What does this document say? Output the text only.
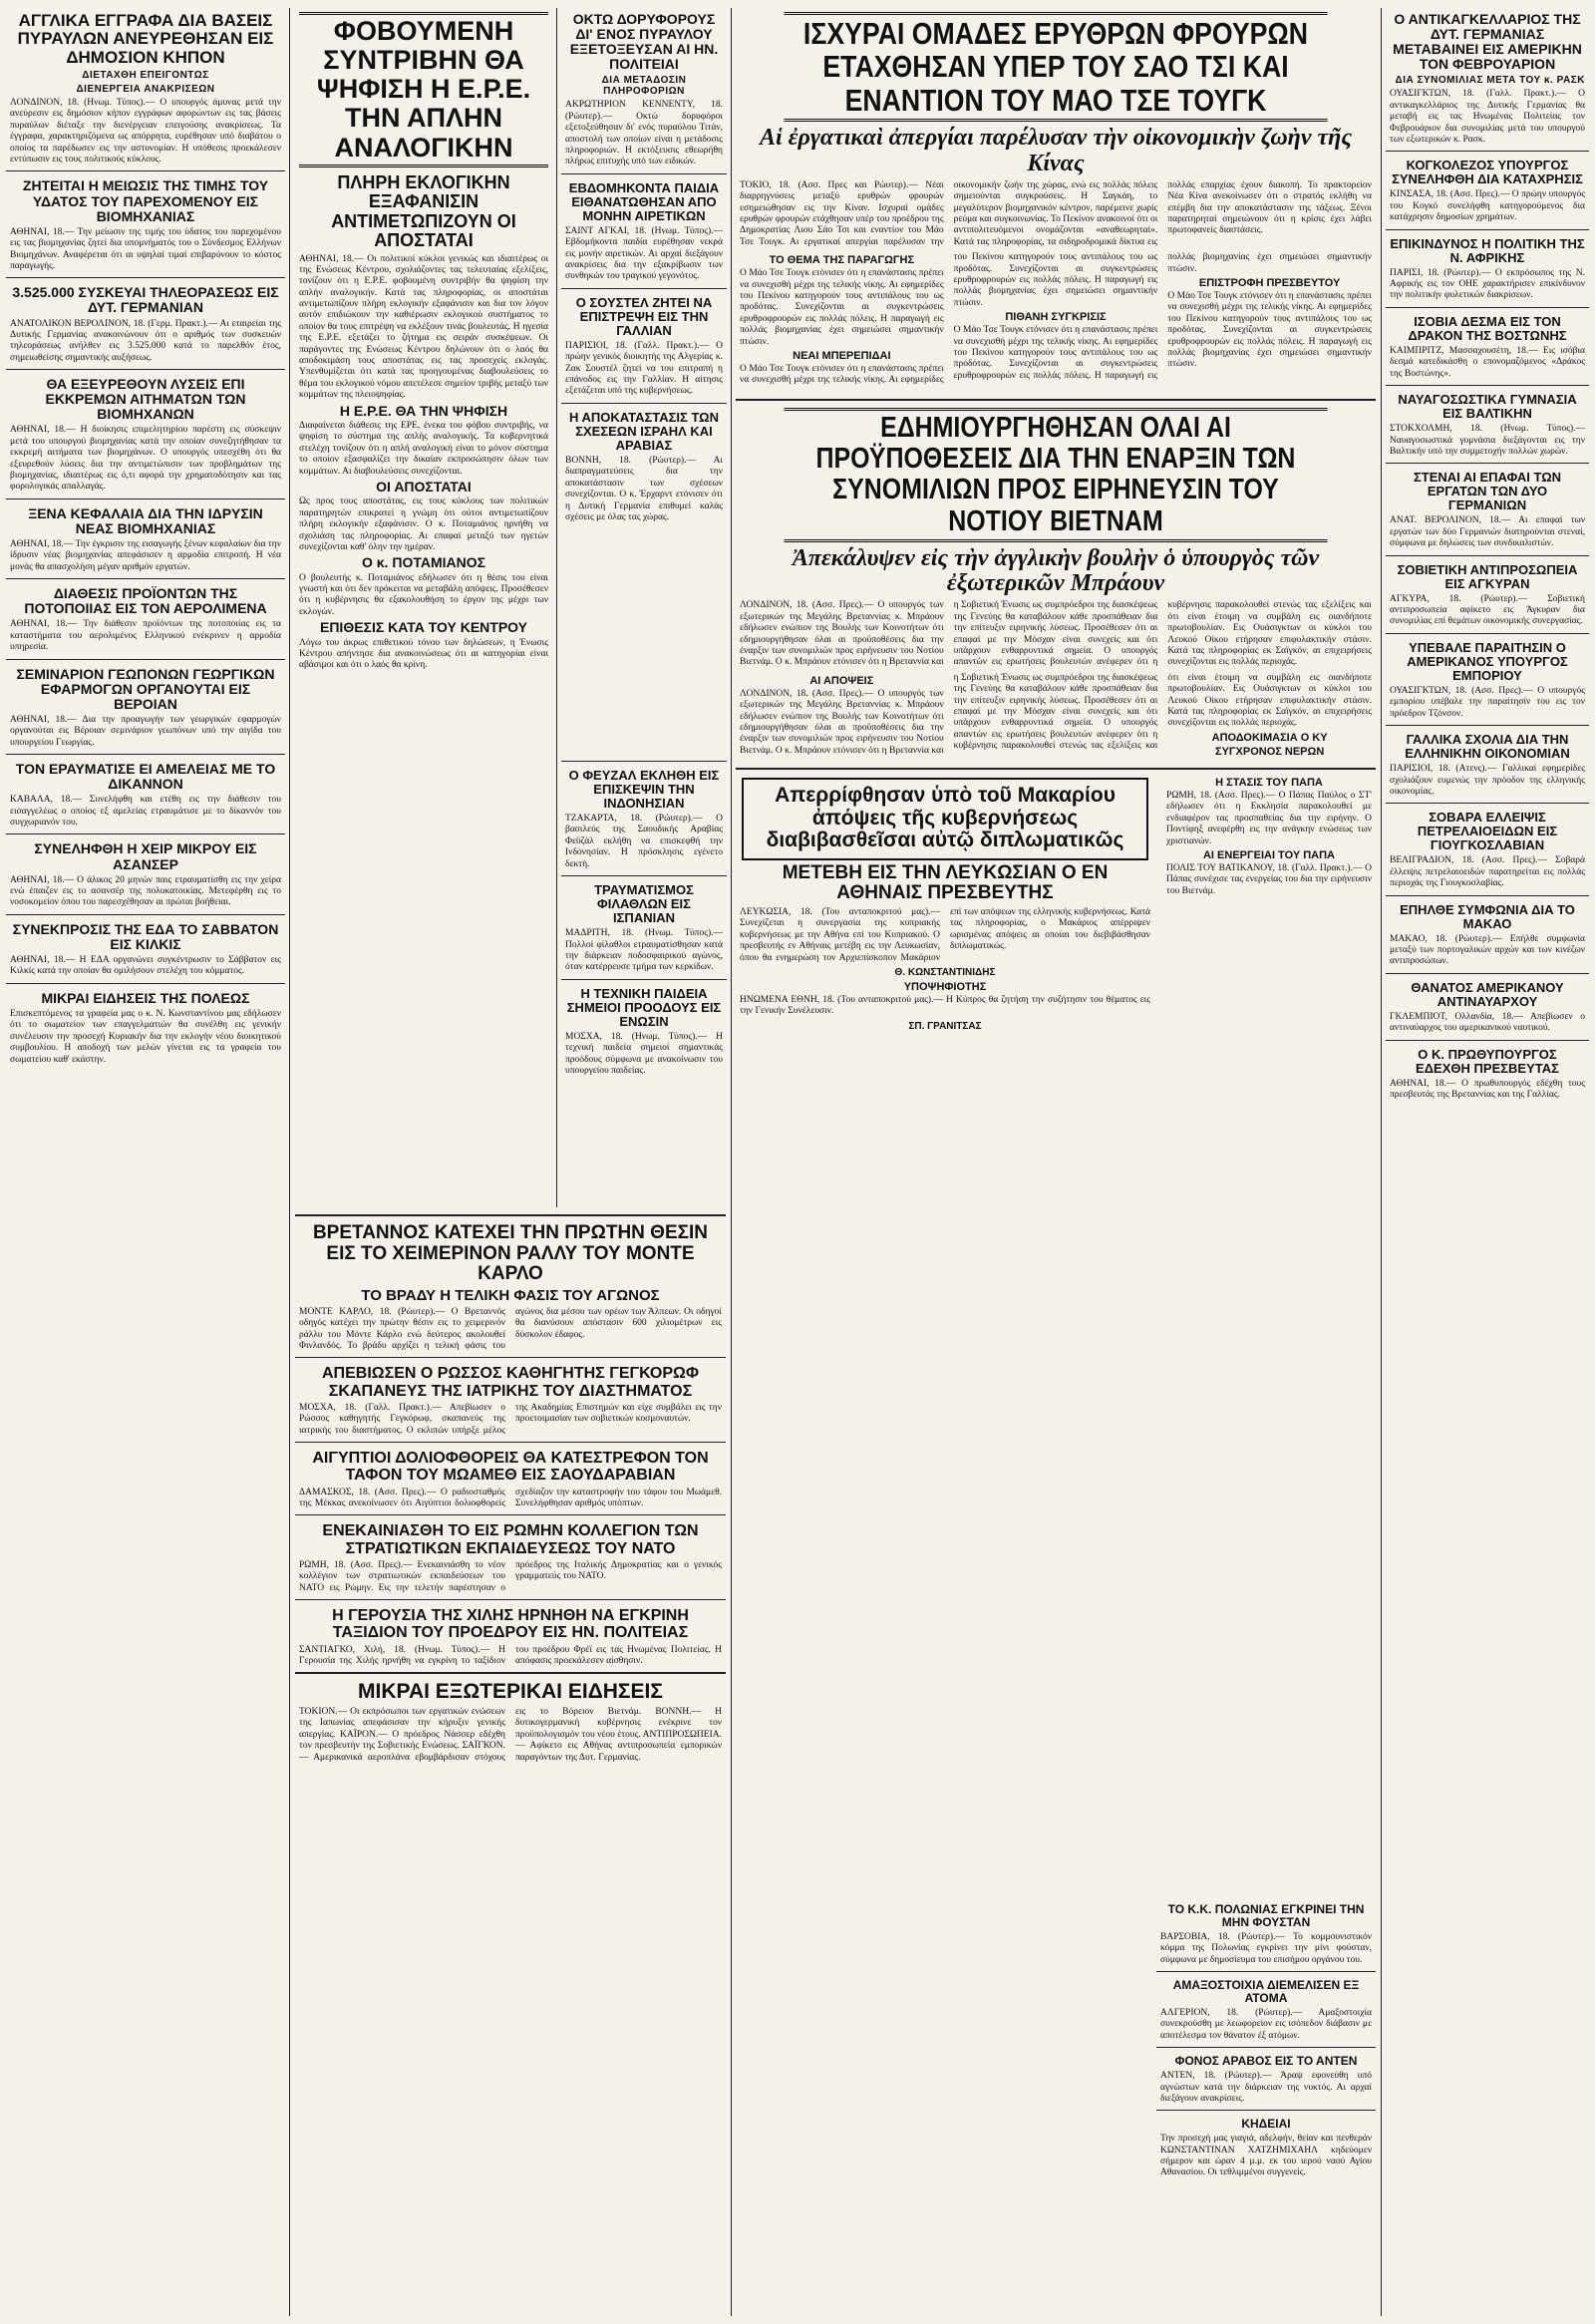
ΑΓΓΛΙΚΑ ΕΓΓΡΑΦΑ ΔΙΑ ΒΑΣΕΙΣ ΠΥΡΑΥΛΩΝ ΑΝΕΥΡΕΘΗΣΑΝ ΕΙΣ ΔΗΜΟΣΙΟΝ ΚΗΠΟΝ
ΔΙΕΤΑΧΘΗ ΕΠΕΙΓΟΝΤΩΣ
ΔΙΕΝΕΡΓΕΙΑ ΑΝΑΚΡΙΣΕΩΝ

ΛΟΝΔΙΝΟΝ, 18. (Ηνωμ. Τύπος).— Ο υπουργός άμυνας μετά την ανεύρεσιν εις δημόσιον κήπον εγγράφων αφορώντων εις τας βάσεις πυραύλων διέταξε την διενέργειαν επειγούσης ανακρίσεως. Τα έγγραφα, χαρακτηριζόμενα ως απόρρητα, ευρέθησαν υπό διαβάτου ο οποίος τα παρέδωσεν εις την αστυνομίαν. Η υπόθεσις προεκάλεσεν εντύπωσιν εις τους πολιτικούς κύκλους.

ΖΗΤΕΙΤΑΙ Η ΜΕΙΩΣΙΣ ΤΗΣ ΤΙΜΗΣ ΤΟΥ ΥΔΑΤΟΣ ΤΟΥ ΠΑΡΕΧΟΜΕΝΟΥ ΕΙΣ ΒΙΟΜΗΧΑΝΙΑΣ

ΑΘΗΝΑΙ, 18.— Την μείωσιν της τιμής του ύδατος του παρεχομένου εις τας βιομηχανίας ζητεί δια υπομνήματός του ο Σύνδεσμος Ελλήνων Βιομηχάνων. Αναφέρεται ότι αι υψηλαί τιμαί επιβαρύνουν το κόστος παραγωγής.

3.525.000 ΣΥΣΚΕΥΑΙ ΤΗΛΕΟΡΑΣΕΩΣ ΕΙΣ ΔΥΤ. ΓΕΡΜΑΝΙΑΝ

ΑΝΑΤΟΛΙΚΟΝ ΒΕΡΟΛΙΝΟΝ, 18. (Γερμ. Πρακτ.).— Αι εταιρείαι της Δυτικής Γερμανίας ανακοινώνουν ότι ο αριθμός των συσκευών τηλεοράσεως ανήλθεν εις 3.525.000 κατά το παρελθόν έτος, σημειωθείσης σημαντικής αυξήσεως.

ΘΑ ΕΞΕΥΡΕΘΟΥΝ ΛΥΣΕΙΣ ΕΠΙ ΕΚΚΡΕΜΩΝ ΑΙΤΗΜΑΤΩΝ ΤΩΝ ΒΙΟΜΗΧΑΝΩΝ

ΑΘΗΝΑΙ, 18.— Η διοίκησις επιμελητηρίου παρέστη εις σύσκεψιν μετά του υπουργού βιομηχανίας κατά την οποίαν συνεζητήθησαν τα εκκρεμή αιτήματα των βιομηχάνων. Ο υπουργός υπεσχέθη ότι θα εξευρεθούν λύσεις δια την αντιμετώπισιν των προβλημάτων της βιομηχανίας, ιδιαιτέρως εις ό,τι αφορά την χρηματοδότησιν και τας φορολογικάς απαλλαγάς.

ΞΕΝΑ ΚΕΦΑΛΑΙΑ ΔΙΑ ΤΗΝ ΙΔΡΥΣΙΝ ΝΕΑΣ ΒΙΟΜΗΧΑΝΙΑΣ

ΑΘΗΝΑΙ, 18.— Την έγκρισιν της εισαγωγής ξένων κεφαλαίων δια την ίδρυσιν νέας βιομηχανίας απεφάσισεν η αρμοδία επιτροπή. Η νέα μονάς θα απασχολήση μέγαν αριθμόν εργατών.

ΔΙΑΘΕΣΙΣ ΠΡΟΪΟΝΤΩΝ ΤΗΣ ΠΟΤΟΠΟΙΙΑΣ ΕΙΣ ΤΟΝ ΑΕΡΟΛΙΜΕΝΑ

ΑΘΗΝΑΙ, 18.— Την διάθεσιν προϊόντων της ποτοποιίας εις τα καταστήματα του αερολιμένος Ελληνικού ενέκρινεν η αρμοδία υπηρεσία.

ΣΕΜΙΝΑΡΙΟΝ ΓΕΩΠΟΝΩΝ ΓΕΩΡΓΙΚΩΝ ΕΦΑΡΜΟΓΩΝ ΟΡΓΑΝΟΥΤΑΙ ΕΙΣ ΒΕΡΟΙΑΝ

ΑΘΗΝΑΙ, 18.— Δια την προαγωγήν των γεωργικών εφαρμογών οργανούται εις Βέροιαν σεμινάριον γεωπόνων υπό την αιγίδα του υπουργείου Γεωργίας.

ΤΟΝ ΕΡΑΥΜΑΤΙΣΕ ΕΙ ΑΜΕΛΕΙΑΣ ΜΕ ΤΟ ΔΙΚΑΝΝΟΝ

ΚΑΒΑΛΑ, 18.— Συνελήφθη και ετέθη εις την διάθεσιν του εισαγγελέως ο οποίος εξ αμελείας ετραυμάτισε με το δίκαννόν του συγχωριανόν του.

ΣΥΝΕΛΗΦΘΗ Η ΧΕΙΡ ΜΙΚΡΟΥ ΕΙΣ ΑΣΑΝΣΕΡ

ΑΘΗΝΑΙ, 18.— Ο άλικος 20 μηνών παις ετραυματίσθη εις την χείρα ενώ έπαιζεν εις το ασανσέρ της πολυκατοικίας. Μετεφέρθη εις το νοσοκομείον όπου του παρεσχέθησαν αι πρώται βοήθειαι.

ΣΥΝΕΚΠΡΟΣΙΣ ΤΗΣ ΕΔΑ ΤΟ ΣΑΒΒΑΤΟΝ ΕΙΣ ΚΙΛΚΙΣ

ΑΘΗΝΑΙ, 18.— Η ΕΔΑ οργανώνει συγκέντρωσιν το Σάββατον εις Κιλκίς κατά την οποίαν θα ομιλήσουν στελέχη του κόμματος.

ΜΙΚΡΑΙ ΕΙΔΗΣΕΙΣ ΤΗΣ ΠΟΛΕΩΣ

Επισκεπτόμενος τα γραφεία μας ο κ. Ν. Κωνσταντίνου μας εδήλωσεν ότι το σωματείον των επαγγελματιών θα συνέλθη εις γενικήν συνέλευσιν την προσεχή Κυριακήν δια την εκλογήν νέου διοικητικού συμβουλίου. Η αποδοχή των μελών γίνεται εις τα γραφεία του σωματείου καθ' εκάστην.

ΦΟΒΟΥΜΕΝΗ ΣΥΝΤΡΙΒΗΝ ΘΑ ΨΗΦΙΣΗ Η Ε.Ρ.Ε. ΤΗΝ ΑΠΛΗΝ ΑΝΑΛΟΓΙΚΗΝ
ΠΛΗΡΗ ΕΚΛΟΓΙΚΗΝ ΕΞΑΦΑΝΙΣΙΝ ΑΝΤΙΜΕΤΩΠΙΖΟΥΝ ΟΙ ΑΠΟΣΤΑΤΑΙ

ΑΘΗΝΑΙ, 18.— Οι πολιτικοί κύκλοι γενικώς και ιδιαιτέρως οι της Ενώσεως Κέντρου, σχολιάζοντες τας τελευταίας εξελίξεις, τονίζουν ότι η Ε.Ρ.Ε. φοβουμένη συντριβήν θα ψηφίση την απλήν αναλογικήν. Κατά τας πληροφορίας, οι αποστάται αντιμετωπίζουν πλήρη εκλογικήν εξαφάνισιν και δια τον λόγον αυτόν επιδιώκουν την καθιέρωσιν εκλογικού συστήματος το οποίον θα τους επιτρέψη να εκλέξουν τινάς βουλευτάς. Η ηγεσία της Ε.Ρ.Ε. εξετάζει το ζήτημα εις σειράν συσκέψεων. Οι παράγοντες της Ενώσεως Κέντρου δηλώνουν ότι ο λαός θα αποδοκιμάση τους αποστάτας εις τας προσεχείς εκλογάς. Υπενθυμίζεται ότι κατά τας προηγουμένας διαβουλεύσεις το θέμα του εκλογικού νόμου απετέλεσε σημείον τριβής μεταξύ των κομμάτων της πλειοψηφίας.

Η Ε.Ρ.Ε. ΘΑ ΤΗΝ ΨΗΦΙΣΗ

Διαφαίνεται διάθεσις της ΕΡΕ, ένεκα του φόβου συντριβής, να ψηφίση το σύστημα της απλής αναλογικής. Τα κυβερνητικά στελέχη τονίζουν ότι η απλή αναλογική είναι το μόνον σύστημα το οποίον εξασφαλίζει την δικαίαν εκπροσώπησιν όλων των κομμάτων. Αι διαβουλεύσεις συνεχίζονται.

ΟΙ ΑΠΟΣΤΑΤΑΙ

Ως προς τους αποστάτας, εις τους κύκλους των πολιτικών παρατηρητών επικρατεί η γνώμη ότι ούτοι αντιμετωπίζουν πλήρη εκλογικήν εξαφάνισιν. Ο κ. Ποταμιάνος ηρνήθη να σχολιάση τας πληροφορίας. Αι επαφαί μεταξύ των ηγετών συνεχίζονται καθ' όλην την ημέραν.

Ο κ. ΠΟΤΑΜΙΑΝΟΣ

Ο βουλευτής κ. Ποταμιάνος εδήλωσεν ότι η θέσις του είναι γνωστή και ότι δεν πρόκειται να μεταβάλη απόψεις. Προσέθεσεν ότι η κυβέρνησις θα εξακολουθήση το έργον της μέχρι των εκλογών.

ΕΠΙΘΕΣΙΣ ΚΑΤΑ ΤΟΥ ΚΕΝΤΡΟΥ

Λόγω του άκρως επιθετικού τόνου των δηλώσεων, η Ένωσις Κέντρου απήντησε δια ανακοινώσεως ότι αι κατηγορίαι είναι αβάσιμοι και ότι ο λαός θα κρίνη.

ΒΡΕΤΑΝΝΟΣ ΚΑΤΕΧΕΙ ΤΗΝ ΠΡΩΤΗΝ ΘΕΣΙΝ ΕΙΣ ΤΟ ΧΕΙΜΕΡΙΝΟΝ ΡΑΛΛΥ ΤΟΥ ΜΟΝΤΕ ΚΑΡΛΟ
ΤΟ ΒΡΑΔΥ Η ΤΕΛΙΚΗ ΦΑΣΙΣ ΤΟΥ ΑΓΩΝΟΣ

ΜΟΝΤΕ ΚΑΡΛΟ, 18. (Ρώυτερ).— Ο Βρεταννός οδηγός κατέχει την πρώτην θέσιν εις το χειμερινόν ράλλυ του Μόντε Κάρλο ενώ δεύτερος ακολουθεί Φινλανδός. Το βράδυ αρχίζει η τελική φάσις του αγώνος δια μέσου των ορέων των Άλπεων. Οι οδηγοί θα διανύσουν απόστασιν 600 χιλιομέτρων εις δύσκολον έδαφος.

ΑΠΕΒΙΩΣΕΝ Ο ΡΩΣΣΟΣ ΚΑΘΗΓΗΤΗΣ ΓΕΓΚΟΡΩΦ ΣΚΑΠΑΝΕΥΣ ΤΗΣ ΙΑΤΡΙΚΗΣ ΤΟΥ ΔΙΑΣΤΗΜΑΤΟΣ

ΜΟΣΧΑ, 18. (Γαλλ. Πρακτ.).— Απεβίωσεν ο Ρώσσος καθηγητής Γεγκόρωφ, σκαπανεύς της ιατρικής του διαστήματος. Ο εκλιπών υπήρξε μέλος της Ακαδημίας Επιστημών και είχε συμβάλει εις την προετοιμασίαν των σοβιετικών κοσμοναυτών.

ΑΙΓΥΠΤΙΟΙ ΔΟΛΙΟΦΘΟΡΕΙΣ ΘΑ ΚΑΤΕΣΤΡΕΦΟΝ ΤΟΝ ΤΑΦΟΝ ΤΟΥ ΜΩΑΜΕΘ ΕΙΣ ΣΑΟΥΔΑΡΑΒΙΑΝ

ΔΑΜΑΣΚΟΣ, 18. (Ασσ. Πρες).— Ο ραδιοσταθμός της Μέκκας ανεκοίνωσεν ότι Αιγύπτιοι δολιοφθορείς σχεδίαζον την καταστροφήν του τάφου του Μωάμεθ. Συνελήφθησαν αριθμός υπόπτων.

ΕΝΕΚΑΙΝΙΑΣΘΗ ΤΟ ΕΙΣ ΡΩΜΗΝ ΚΟΛΛΕΓΙΟΝ ΤΩΝ ΣΤΡΑΤΙΩΤΙΚΩΝ ΕΚΠΑΙΔΕΥΣΕΩΣ ΤΟΥ ΝΑΤΟ

ΡΩΜΗ, 18. (Ασσ. Πρες).— Ενεκαινιάσθη το νέον κολλέγιον των στρατιωτικών εκπαιδεύσεων του ΝΑΤΟ εις Ρώμην. Εις την τελετήν παρέστησαν ο πρόεδρος της Ιταλικής Δημοκρατίας και ο γενικός γραμματεύς του ΝΑΤΟ.

Η ΓΕΡΟΥΣΙΑ ΤΗΣ ΧΙΛΗΣ ΗΡΝΗΘΗ ΝΑ ΕΓΚΡΙΝΗ ΤΑΞΙΔΙΟΝ ΤΟΥ ΠΡΟΕΔΡΟΥ ΕΙΣ ΗΝ. ΠΟΛΙΤΕΙΑΣ

ΣΑΝΤΙΑΓΚΟ, Χιλή, 18. (Ηνωμ. Τύπος).— Η Γερουσία της Χιλής ηρνήθη να εγκρίνη το ταξίδιον του προέδρου Φρέϊ εις τας Ηνωμένας Πολιτείας. Η απόφασις προεκάλεσεν αίσθησιν.

ΜΙΚΡΑΙ ΕΞΩΤΕΡΙΚΑΙ ΕΙΔΗΣΕΙΣ

ΤΟΚΙΟΝ.— Οι εκπρόσωποι των εργατικών ενώσεων της Ιαπωνίας απεφάσισαν την κήρυξιν γενικής απεργίας. ΚΑΪΡΟΝ.— Ο πρόεδρος Νάσσερ εδέχθη τον πρεσβευτήν της Σοβιετικής Ενώσεως. ΣΑΪΓΚΟΝ.— Αμερικανικά αεροπλάνα εβομβάρδισαν στόχους εις το Βόρειον Βιετνάμ. ΒΟΝΝΗ.— Η δυτικογερμανική κυβέρνησις ενέκρινε τον προϋπολογισμόν του νέου έτους. ΑΝΤΙΠΡΟΣΩΠΕΙΑ.— Αφίκετο εις Αθήνας αντιπροσωπεία εμπορικών παραγόντων της Δυτ. Γερμανίας.

ΟΚΤΩ ΔΟΡΥΦΟΡΟΥΣ ΔΙ' ΕΝΟΣ ΠΥΡΑΥΛΟΥ ΕΞΕΤΟΞΕΥΣΑΝ ΑΙ ΗΝ. ΠΟΛΙΤΕΙΑΙ
ΔΙΑ ΜΕΤΑΔΟΣΙΝ ΠΛΗΡΟΦΟΡΙΩΝ

ΑΚΡΩΤΗΡΙΟΝ ΚΕΝΝΕΝΤΥ, 18. (Ρώυτερ).— Οκτώ δορυφόροι εξετοξεύθησαν δι' ενός πυραύλου Τιτάν, αποστολή των οποίων είναι η μετάδοσις πληροφοριών. Η εκτόξευσις εθεωρήθη πλήρως επιτυχής υπό των ειδικών.

ΕΒΔΟΜΗΚΟΝΤΑ ΠΑΙΔΙΑ ΕΙΘΑΝΑΤΩΘΗΣΑΝ ΑΠΟ ΜΟΝΗΝ ΑΙΡΕΤΙΚΩΝ

ΣΑΙΝΤ ΑΓΚΑΙ, 18. (Ηνωμ. Τύπος).— Εβδομήκοντα παιδία ευρέθησαν νεκρά εις μονήν αιρετικών. Αι αρχαί διεξάγουν ανακρίσεις δια την εξακρίβωσιν των συνθηκών του τραγικού γεγονότος.

Ο ΣΟΥΣΤΕΛ ΖΗΤΕΙ ΝΑ ΕΠΙΣΤΡΕΨΗ ΕΙΣ ΤΗΝ ΓΑΛΛΙΑΝ

ΠΑΡΙΣΙΟΙ, 18. (Γαλλ. Πρακτ.).— Ο πρώην γενικός διοικητής της Αλγερίας κ. Ζακ Σουστέλ ζητεί να του επιτραπή η επάνοδος εις την Γαλλίαν. Η αίτησις εξετάζεται υπό της κυβερνήσεως.

Η ΑΠΟΚΑΤΑΣΤΑΣΙΣ ΤΩΝ ΣΧΕΣΕΩΝ ΙΣΡΑΗΛ ΚΑΙ ΑΡΑΒΙΑΣ

ΒΟΝΝΗ, 18. (Ρώυτερ).— Αι διαπραγματεύσεις δια την αποκατάστασιν των σχέσεων συνεχίζονται. Ο κ. Έρχαρντ ετόνισεν ότι η Δυτική Γερμανία επιθυμεί καλάς σχέσεις με όλας τας χώρας.

ΙΣΧΥΡΑΙ ΟΜΑΔΕΣ ΕΡΥΘΡΩΝ ΦΡΟΥΡΩΝ ΕΤΑΧΘΗΣΑΝ ΥΠΕΡ ΤΟΥ ΣΑΟ ΤΣΙ ΚΑΙ ΕΝΑΝΤΙΟΝ ΤΟΥ ΜΑΟ ΤΣΕ ΤΟΥΓΚ
Αἱ ἐργατικαὶ ἀπεργίαι παρέλυσαν τὴν οἰκονομικὴν ζωὴν τῆς Κίνας

ΤΟΚΙΟ, 18. (Ασσ. Πρες και Ρώυτερ).— Νέαι διαρρηγνύσεις μεταξύ ερυθρών φρουρών εσημειώθησαν εις την Κίναν. Ισχυραί ομάδες ερυθρών φρουρών ετάχθησαν υπέρ του προέδρου της Δημοκρατίας Λιου Σάο Τσι και εναντίον του Μάο Τσε Τουγκ. Αι εργατικαί απεργίαι παρέλυσαν την οικονομικήν ζωήν της χώρας, ενώ εις πολλάς πόλεις σημειούνται συγκρούσεις. Η Σαγκάη, το μεγαλύτερον βιομηχανικόν κέντρον, παρέμεινε χωρίς ρεύμα και συγκοινωνίας. Το Πεκίνον ανακοινοί ότι οι αντιπολιτευόμενοι ονομάζονται «αναθεωρηταί». Κατά τας πληροφορίας, τα σιδηροδρομικά δίκτυα εις πολλάς επαρχίας έχουν διακοπή. Το πρακτορείον Νέα Κίνα ανεκοίνωσεν ότι ο στρατός εκλήθη να επέμβη δια την αποκατάστασιν της τάξεως. Ξένοι παρατηρηταί σημειώνουν ότι η κρίσις έχει λάβει πρωτοφανείς διαστάσεις.

ΤΟ ΘΕΜΑ ΤΗΣ ΠΑΡΑΓΩΓΗΣ

Ο Μάο Τσε Τουγκ ετόνισεν ότι η επανάστασις πρέπει να συνεχισθή μέχρι της τελικής νίκης. Αι εφημερίδες του Πεκίνου κατηγορούν τους αντιπάλους του ως προδότας. Συνεχίζονται αι συγκεντρώσεις ερυθροφρουρών εις πολλάς πόλεις. Η παραγωγή εις πολλάς βιομηχανίας έχει σημειώσει σημαντικήν πτώσιν.

ΝΕΑΙ ΜΠΕΡΕΠΙΔΑΙ

Ο Μάο Τσε Τουγκ ετόνισεν ότι η επανάστασις πρέπει να συνεχισθή μέχρι της τελικής νίκης. Αι εφημερίδες του Πεκίνου κατηγορούν τους αντιπάλους του ως προδότας. Συνεχίζονται αι συγκεντρώσεις ερυθροφρουρών εις πολλάς πόλεις. Η παραγωγή εις πολλάς βιομηχανίας έχει σημειώσει σημαντικήν πτώσιν.

ΠΙΘΑΝΗ ΣΥΓΚΡΙΣΙΣ

Ο Μάο Τσε Τουγκ ετόνισεν ότι η επανάστασις πρέπει να συνεχισθή μέχρι της τελικής νίκης. Αι εφημερίδες του Πεκίνου κατηγορούν τους αντιπάλους του ως προδότας. Συνεχίζονται αι συγκεντρώσεις ερυθροφρουρών εις πολλάς πόλεις. Η παραγωγή εις πολλάς βιομηχανίας έχει σημειώσει σημαντικήν πτώσιν.

ΕΠΙΣΤΡΟΦΗ ΠΡΕΣΒΕΥΤΟΥ

Ο Μάο Τσε Τουγκ ετόνισεν ότι η επανάστασις πρέπει να συνεχισθή μέχρι της τελικής νίκης. Αι εφημερίδες του Πεκίνου κατηγορούν τους αντιπάλους του ως προδότας. Συνεχίζονται αι συγκεντρώσεις ερυθροφρουρών εις πολλάς πόλεις. Η παραγωγή εις πολλάς βιομηχανίας έχει σημειώσει σημαντικήν πτώσιν.

ΕΔΗΜΙΟΥΡΓΗΘΗΣΑΝ ΟΛΑΙ ΑΙ ΠΡΟΫΠΟΘΕΣΕΙΣ ΔΙΑ ΤΗΝ ΕΝΑΡΞΙΝ ΤΩΝ ΣΥΝΟΜΙΛΙΩΝ ΠΡΟΣ ΕΙΡΗΝΕΥΣΙΝ ΤΟΥ ΝΟΤΙΟΥ ΒΙΕΤΝΑΜ
Ἀπεκάλυψεν εἰς τὴν ἀγγλικὴν βουλὴν ὁ ὑπουργὸς τῶν ἐξωτερικῶν Μπράουν

ΛΟΝΔΙΝΟΝ, 18. (Ασσ. Πρες).— Ο υπουργός των εξωτερικών της Μεγάλης Βρεταννίας κ. Μπράουν εδήλωσεν ενώπιον της Βουλής των Κοινοτήτων ότι εδημιουργήθησαν όλαι αι προϋποθέσεις δια την έναρξιν των συνομιλιών προς ειρήνευσιν του Νοτίου Βιετνάμ. Ο κ. Μπράουν ετόνισεν ότι η Βρεταννία και η Σοβιετική Ένωσις ως συμπρόεδροι της διασκέψεως της Γενεύης θα καταβάλουν κάθε προσπάθειαν δια την επίτευξιν ειρηνικής λύσεως. Προσέθεσεν ότι αι επαφαί με την Μόσχαν είναι συνεχείς και ότι υπάρχουν ενθαρρυντικά σημεία. Ο υπουργός απαντών εις ερωτήσεις βουλευτών ανέφερεν ότι η κυβέρνησις παρακολουθεί στενώς τας εξελίξεις και ότι είναι έτοιμη να συμβάλη εις οιανδήποτε πρωτοβουλίαν. Εις Ουάσιγκτων οι κύκλοι του Λευκού Οίκου ετήρησαν επιφυλακτικήν στάσιν. Κατά τας πληροφορίας εκ Σαϊγκόν, αι επιχειρήσεις συνεχίζονται εις πολλάς περιοχάς.

ΑΙ ΑΠΟΨΕΙΣ

ΛΟΝΔΙΝΟΝ, 18. (Ασσ. Πρες).— Ο υπουργός των εξωτερικών της Μεγάλης Βρεταννίας κ. Μπράουν εδήλωσεν ενώπιον της Βουλής των Κοινοτήτων ότι εδημιουργήθησαν όλαι αι προϋποθέσεις δια την έναρξιν των συνομιλιών προς ειρήνευσιν του Νοτίου Βιετνάμ. Ο κ. Μπράουν ετόνισεν ότι η Βρεταννία και η Σοβιετική Ένωσις ως συμπρόεδροι της διασκέψεως της Γενεύης θα καταβάλουν κάθε προσπάθειαν δια την επίτευξιν ειρηνικής λύσεως. Προσέθεσεν ότι αι επαφαί με την Μόσχαν είναι συνεχείς και ότι υπάρχουν ενθαρρυντικά σημεία. Ο υπουργός απαντών εις ερωτήσεις βουλευτών ανέφερεν ότι η κυβέρνησις παρακολουθεί στενώς τας εξελίξεις και ότι είναι έτοιμη να συμβάλη εις οιανδήποτε πρωτοβουλίαν. Εις Ουάσιγκτων οι κύκλοι του Λευκού Οίκου ετήρησαν επιφυλακτικήν στάσιν. Κατά τας πληροφορίας εκ Σαϊγκόν, αι επιχειρήσεις συνεχίζονται εις πολλάς περιοχάς.

ΑΠΟΔΟΚΙΜΑΣΙΑ Ο ΚΥ
ΣΥΓΧΡΟΝΟΣ ΝΕΡΩΝ
Απερρίφθησαν ὑπὸ τοῦ Μακαρίου ἀπόψεις τῆς κυβερνήσεως διαβιβασθεῖσαι αὐτῷ διπλωματικῶς
ΜΕΤΕΒΗ ΕΙΣ ΤΗΝ ΛΕΥΚΩΣΙΑΝ Ο ΕΝ ΑΘΗΝΑΙΣ ΠΡΕΣΒΕΥΤΗΣ

ΛΕΥΚΩΣΙΑ, 18. (Του ανταποκριτού μας).— Συνεχίζεται η συνεργασία της κυπριακής κυβερνήσεως με την Αθήνα επί του Κυπριακού. Ο πρεσβευτής εν Αθήναις μετέβη εις την Λευκωσίαν, όπου θα ενημερώση τον Αρχιεπίσκοπον Μακάριον επί των απόψεων της ελληνικής κυβερνήσεως. Κατά τας πληροφορίας, ο Μακάριος απέρριψεν ωρισμένας απόψεις αι οποίαι του διεβιβάσθησαν διπλωματικώς.

Θ. ΚΩΝΣΤΑΝΤΙΝΙΔΗΣ
ΥΠΟΨΗΦΙΟΤΗΣ

ΗΝΩΜΕΝΑ ΕΘΝΗ, 18. (Του ανταποκριτού μας).— Η Κύπρος θα ζητήση την συζήτησιν του θέματος εις την Γενικήν Συνέλευσιν.

ΣΠ. ΓΡΑΝΙΤΣΑΣ
Η ΣΤΑΣΙΣ ΤΟΥ ΠΑΠΑ

ΡΩΜΗ, 18. (Ασσ. Πρες).— Ο Πάπας Παύλος ο ΣΤ' εδήλωσεν ότι η Εκκλησία παρακολουθεί με ενδιαφέρον τας προσπαθείας δια την ειρήνην. Ο Ποντίφηξ ανεφέρθη εις την ανάγκην ενώσεως των χριστιανών.

ΑΙ ΕΝΕΡΓΕΙΑΙ ΤΟΥ ΠΑΠΑ

ΠΟΛΙΣ ΤΟΥ ΒΑΤΙΚΑΝΟΥ, 18. (Γαλλ. Πρακτ.).— Ο Πάπας συνέχισε τας ενεργείας του δια την ειρήνευσιν του Βιετνάμ.

Ο ΦΕΥΖΑΛ ΕΚΛΗΘΗ ΕΙΣ ΕΠΙΣΚΕΨΙΝ ΤΗΝ ΙΝΔΟΝΗΣΙΑΝ

ΤΖΑΚΑΡΤΑ, 18. (Ρώυτερ).— Ο βασιλεύς της Σαουδικής Αραβίας Φεϋζάλ εκλήθη να επισκεφθή την Ινδονησίαν. Η πρόσκλησις εγένετο δεκτή.

ΤΡΑΥΜΑΤΙΣΜΟΣ ΦΙΛΑΘΛΩΝ ΕΙΣ ΙΣΠΑΝΙΑΝ

ΜΑΔΡΙΤΗ, 18. (Ηνωμ. Τύπος).— Πολλοί φίλαθλοι ετραυματίσθησαν κατά την διάρκειαν ποδοσφαιρικού αγώνος, όταν κατέρρευσε τμήμα των κερκίδων.

Η ΤΕΧΝΙΚΗ ΠΑΙΔΕΙΑ ΣΗΜΕΙΟΙ ΠΡΟΟΔΟΥΣ ΕΙΣ ΕΝΩΣΙΝ

ΜΟΣΧΑ, 18. (Ηνωμ. Τύπος).— Η τεχνική παιδεία σημειοί σημαντικάς προόδους σύμφωνα με ανακοίνωσιν του υπουργείου παιδείας.

ΤΟ Κ.Κ. ΠΟΛΩΝΙΑΣ ΕΓΚΡΙΝΕΙ ΤΗΝ ΜΗΝ ΦΟΥΣΤΑΝ

ΒΑΡΣΟΒΙΑ, 18. (Ρώυτερ).— Το κομμουνιστικόν κόμμα της Πολωνίας εγκρίνει την μίνι φούσταν, σύμφωνα με δημοσίευμα του επισήμου οργάνου του.

ΑΜΑΞΟΣΤΟΙΧΙΑ ΔΙΕΜΕΛΙΣΕΝ ΕΞ ΑΤΟΜΑ

ΑΛΓΕΡΙΟΝ, 18. (Ρώυτερ).— Αμαξοστοιχία συνεκρούσθη με λεωφορείον εις ισόπεδον διάβασιν με αποτέλεσμα τον θάνατον έξ ατόμων.

ΦΟΝΟΣ ΑΡΑΒΟΣ ΕΙΣ ΤΟ ΑΝΤΕΝ

ΑΝΤΕΝ, 18. (Ρώυτερ).— Άραψ εφονεύθη υπό αγνώστων κατά την διάρκειαν της νυκτός. Αι αρχαί διεξάγουν ανακρίσεις.

ΚΗΔΕΙΑΙ

Την προσεχή μας γιαγιά, αδελφήν, θείαν και πενθεράν ΚΩΝΣΤΑΝΤΙΝΑΝ ΧΑΤΖΗΜΙΧΑΗΛ κηδεύομεν σήμερον και ώραν 4 μ.μ. εκ του ιερού ναού Αγίου Αθανασίου. Οι τεθλιμμένοι συγγενείς.

Ο ΑΝΤΙΚΑΓΚΕΛΛΑΡΙΟΣ ΤΗΣ ΔΥΤ. ΓΕΡΜΑΝΙΑΣ ΜΕΤΑΒΑΙΝΕΙ ΕΙΣ ΑΜΕΡΙΚΗΝ ΤΟΝ ΦΕΒΡΟΥΑΡΙΟΝ
ΔΙΑ ΣΥΝΟΜΙΛΙΑΣ ΜΕΤΑ ΤΟΥ κ. ΡΑΣΚ

ΟΥΑΣΙΓΚΤΩΝ, 18. (Γαλλ. Πρακτ.).— Ο αντικαγκελλάριος της Δυτικής Γερμανίας θα μεταβή εις τας Ηνωμένας Πολιτείας τον Φεβρουάριον δια συνομιλίας μετά του υπουργού των εξωτερικών κ. Ρασκ.

ΚΟΓΚΟΛΕΖΟΣ ΥΠΟΥΡΓΟΣ ΣΥΝΕΛΗΦΘΗ ΔΙΑ ΚΑΤΑΧΡΗΣΙΣ

ΚΙΝΣΑΣΑ, 18. (Ασσ. Πρες).— Ο πρώην υπουργός του Κογκό συνελήφθη κατηγορούμενος δια κατάχρησιν δημοσίων χρημάτων.

ΕΠΙΚΙΝΔΥΝΟΣ Η ΠΟΛΙΤΙΚΗ ΤΗΣ Ν. ΑΦΡΙΚΗΣ

ΠΑΡΙΣΙ, 18. (Ρώυτερ).— Ο εκπρόσωπος της Ν. Αφρικής εις τον ΟΗΕ χαρακτήρισεν επικίνδυνον την πολιτικήν φυλετικών διακρίσεων.

ΙΣΟΒΙΑ ΔΕΣΜΑ ΕΙΣ ΤΟΝ ΔΡΑΚΟΝ ΤΗΣ ΒΟΣΤΩΝΗΣ

ΚΑΙΜΠΡΙΤΖ, Μασσαχουσέτη, 18.— Εις ισόβια δεσμά κατεδικάσθη ο επονομαζόμενος «Δράκος της Βοστώνης».

ΝΑΥΑΓΟΣΩΣΤΙΚΑ ΓΥΜΝΑΣΙΑ ΕΙΣ ΒΑΛΤΙΚΗΝ

ΣΤΟΚΧΟΛΜΗ, 18. (Ηνωμ. Τύπος).— Ναυαγοσωστικά γυμνάσια διεξάγονται εις την Βαλτικήν υπό την συμμετοχήν πολλών χωρών.

ΣΤΕΝΑΙ ΑΙ ΕΠΑΦΑΙ ΤΩΝ ΕΡΓΑΤΩΝ ΤΩΝ ΔΥΟ ΓΕΡΜΑΝΙΩΝ

ΑΝΑΤ. ΒΕΡΟΛΙΝΟΝ, 18.— Αι επαφαί των εργατών των δύο Γερμανιών διατηρούνται στεναί, σύμφωνα με δηλώσεις των συνδικαλιστών.

ΣΟΒΙΕΤΙΚΗ ΑΝΤΙΠΡΟΣΩΠΕΙΑ ΕΙΣ ΑΓΚΥΡΑΝ

ΑΓΚΥΡΑ, 18. (Ρώυτερ).— Σοβιετική αντιπροσωπεία αφίκετο εις Άγκυραν δια συνομιλίας επί θεμάτων οικονομικής συνεργασίας.

ΥΠΕΒΑΛΕ ΠΑΡΑΙΤΗΣΙΝ Ο ΑΜΕΡΙΚΑΝΟΣ ΥΠΟΥΡΓΟΣ ΕΜΠΟΡΙΟΥ

ΟΥΑΣΙΓΚΤΩΝ, 18. (Ασσ. Πρες).— Ο υπουργός εμπορίου υπέβαλε την παραίτησίν του εις τον πρόεδρον Τζόνσον.

ΓΑΛΛΙΚΑ ΣΧΟΛΙΑ ΔΙΑ ΤΗΝ ΕΛΛΗΝΙΚΗΝ ΟΙΚΟΝΟΜΙΑΝ

ΠΑΡΙΣΙΟΙ, 18. (Ατενς).— Γαλλικαί εφημερίδες σχολιάζουν ευμενώς την πρόοδον της ελληνικής οικονομίας.

ΣΟΒΑΡΑ ΕΛΛΕΙΨΙΣ ΠΕΤΡΕΛΑΙΟΕΙΔΩΝ ΕΙΣ ΓΙΟΥΓΚΟΣΛΑΒΙΑΝ

ΒΕΛΙΓΡΑΔΙΟΝ, 18. (Ασσ. Πρες).— Σοβαρά έλλειψις πετρελαιοειδών παρατηρείται εις πολλάς περιοχάς της Γιουγκοσλαβίας.

ΕΠΗΛΘΕ ΣΥΜΦΩΝΙΑ ΔΙΑ ΤΟ ΜΑΚΑΟ

ΜΑΚΑΟ, 18. (Ρώυτερ).— Επήλθε συμφωνία μεταξύ των πορτογαλικών αρχών και των κινέζων αντιπροσώπων.

ΘΑΝΑΤΟΣ ΑΜΕΡΙΚΑΝΟΥ ΑΝΤΙΝΑΥΑΡΧΟΥ

ΓΚΛΕΜΠΙΟΤ, Ολλανδία, 18.— Απεβίωσεν ο αντιναύαρχος του αμερικανικού ναυτικού.

Ο Κ. ΠΡΩΘΥΠΟΥΡΓΟΣ ΕΔΕΧΘΗ ΠΡΕΣΒΕΥΤΑΣ

ΑΘΗΝΑΙ, 18.— Ο πρωθυπουργός εδέχθη τους πρεσβευτάς της Βρεταννίας και της Γαλλίας.
